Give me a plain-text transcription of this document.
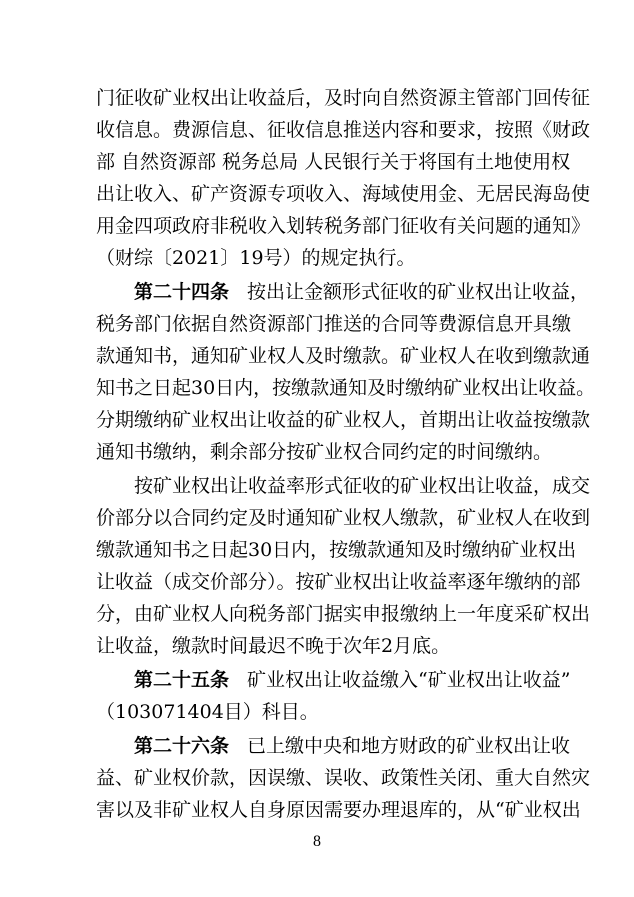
门征收矿业权出让收益后，及时向自然资源主管部门回传征
收信息。费源信息、征收信息推送内容和要求，按照《财政
部 自然资源部 税务总局 人民银行关于将国有土地使用权
出让收入、矿产资源专项收入、海域使用金、无居民海岛使
用金四项政府非税收入划转税务部门征收有关问题的通知》
（财综〔2021〕19号）的规定执行。
第二十四条 按出让金额形式征收的矿业权出让收益，
税务部门依据自然资源部门推送的合同等费源信息开具缴
款通知书，通知矿业权人及时缴款。矿业权人在收到缴款通
知书之日起30日内，按缴款通知及时缴纳矿业权出让收益。
分期缴纳矿业权出让收益的矿业权人，首期出让收益按缴款
通知书缴纳，剩余部分按矿业权合同约定的时间缴纳。
按矿业权出让收益率形式征收的矿业权出让收益，成交
价部分以合同约定及时通知矿业权人缴款，矿业权人在收到
缴款通知书之日起30日内，按缴款通知及时缴纳矿业权出
让收益（成交价部分）。按矿业权出让收益率逐年缴纳的部
分，由矿业权人向税务部门据实申报缴纳上一年度采矿权出
让收益，缴款时间最迟不晚于次年2月底。
第二十五条 矿业权出让收益缴入“矿业权出让收益”
（103071404目）科目。
第二十六条 已上缴中央和地方财政的矿业权出让收
益、矿业权价款，因误缴、误收、政策性关闭、重大自然灾
害以及非矿业权人自身原因需要办理退库的，从“矿业权出
8
